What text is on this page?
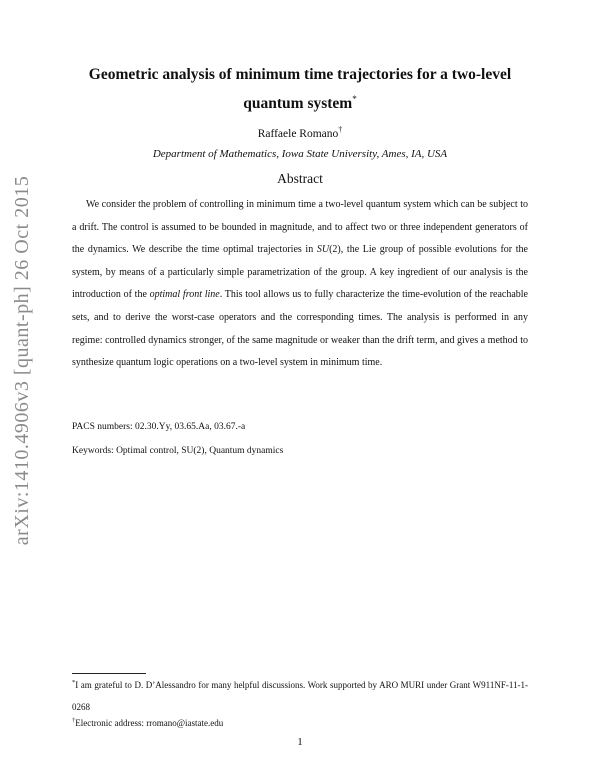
arXiv:1410.4906v3 [quant-ph] 26 Oct 2015
Geometric analysis of minimum time trajectories for a two-level
quantum system*
Raffaele Romano†
Department of Mathematics, Iowa State University, Ames, IA, USA
Abstract

We consider the problem of controlling in minimum time a two-level quantum system which can be subject to a drift. The control is assumed to be bounded in magnitude, and to affect two or three independent generators of the dynamics. We describe the time optimal trajectories in SU(2), the Lie group of possible evolutions for the system, by means of a particularly simple parametrization of the group. A key ingredient of our analysis is the introduction of the optimal front line. This tool allows us to fully characterize the time-evolution of the reachable sets, and to derive the worst-case operators and the corresponding times. The analysis is performed in any regime: controlled dynamics stronger, of the same magnitude or weaker than the drift term, and gives a method to synthesize quantum logic operations on a two-level system in minimum time.

PACS numbers: 02.30.Yy, 03.65.Aa, 03.67.-a
Keywords: Optimal control, SU(2), Quantum dynamics
*I am grateful to D. D’Alessandro for many helpful discussions. Work supported by ARO MURI under Grant W911NF-11-1-0268
†Electronic address: rromano@iastate.edu
1
